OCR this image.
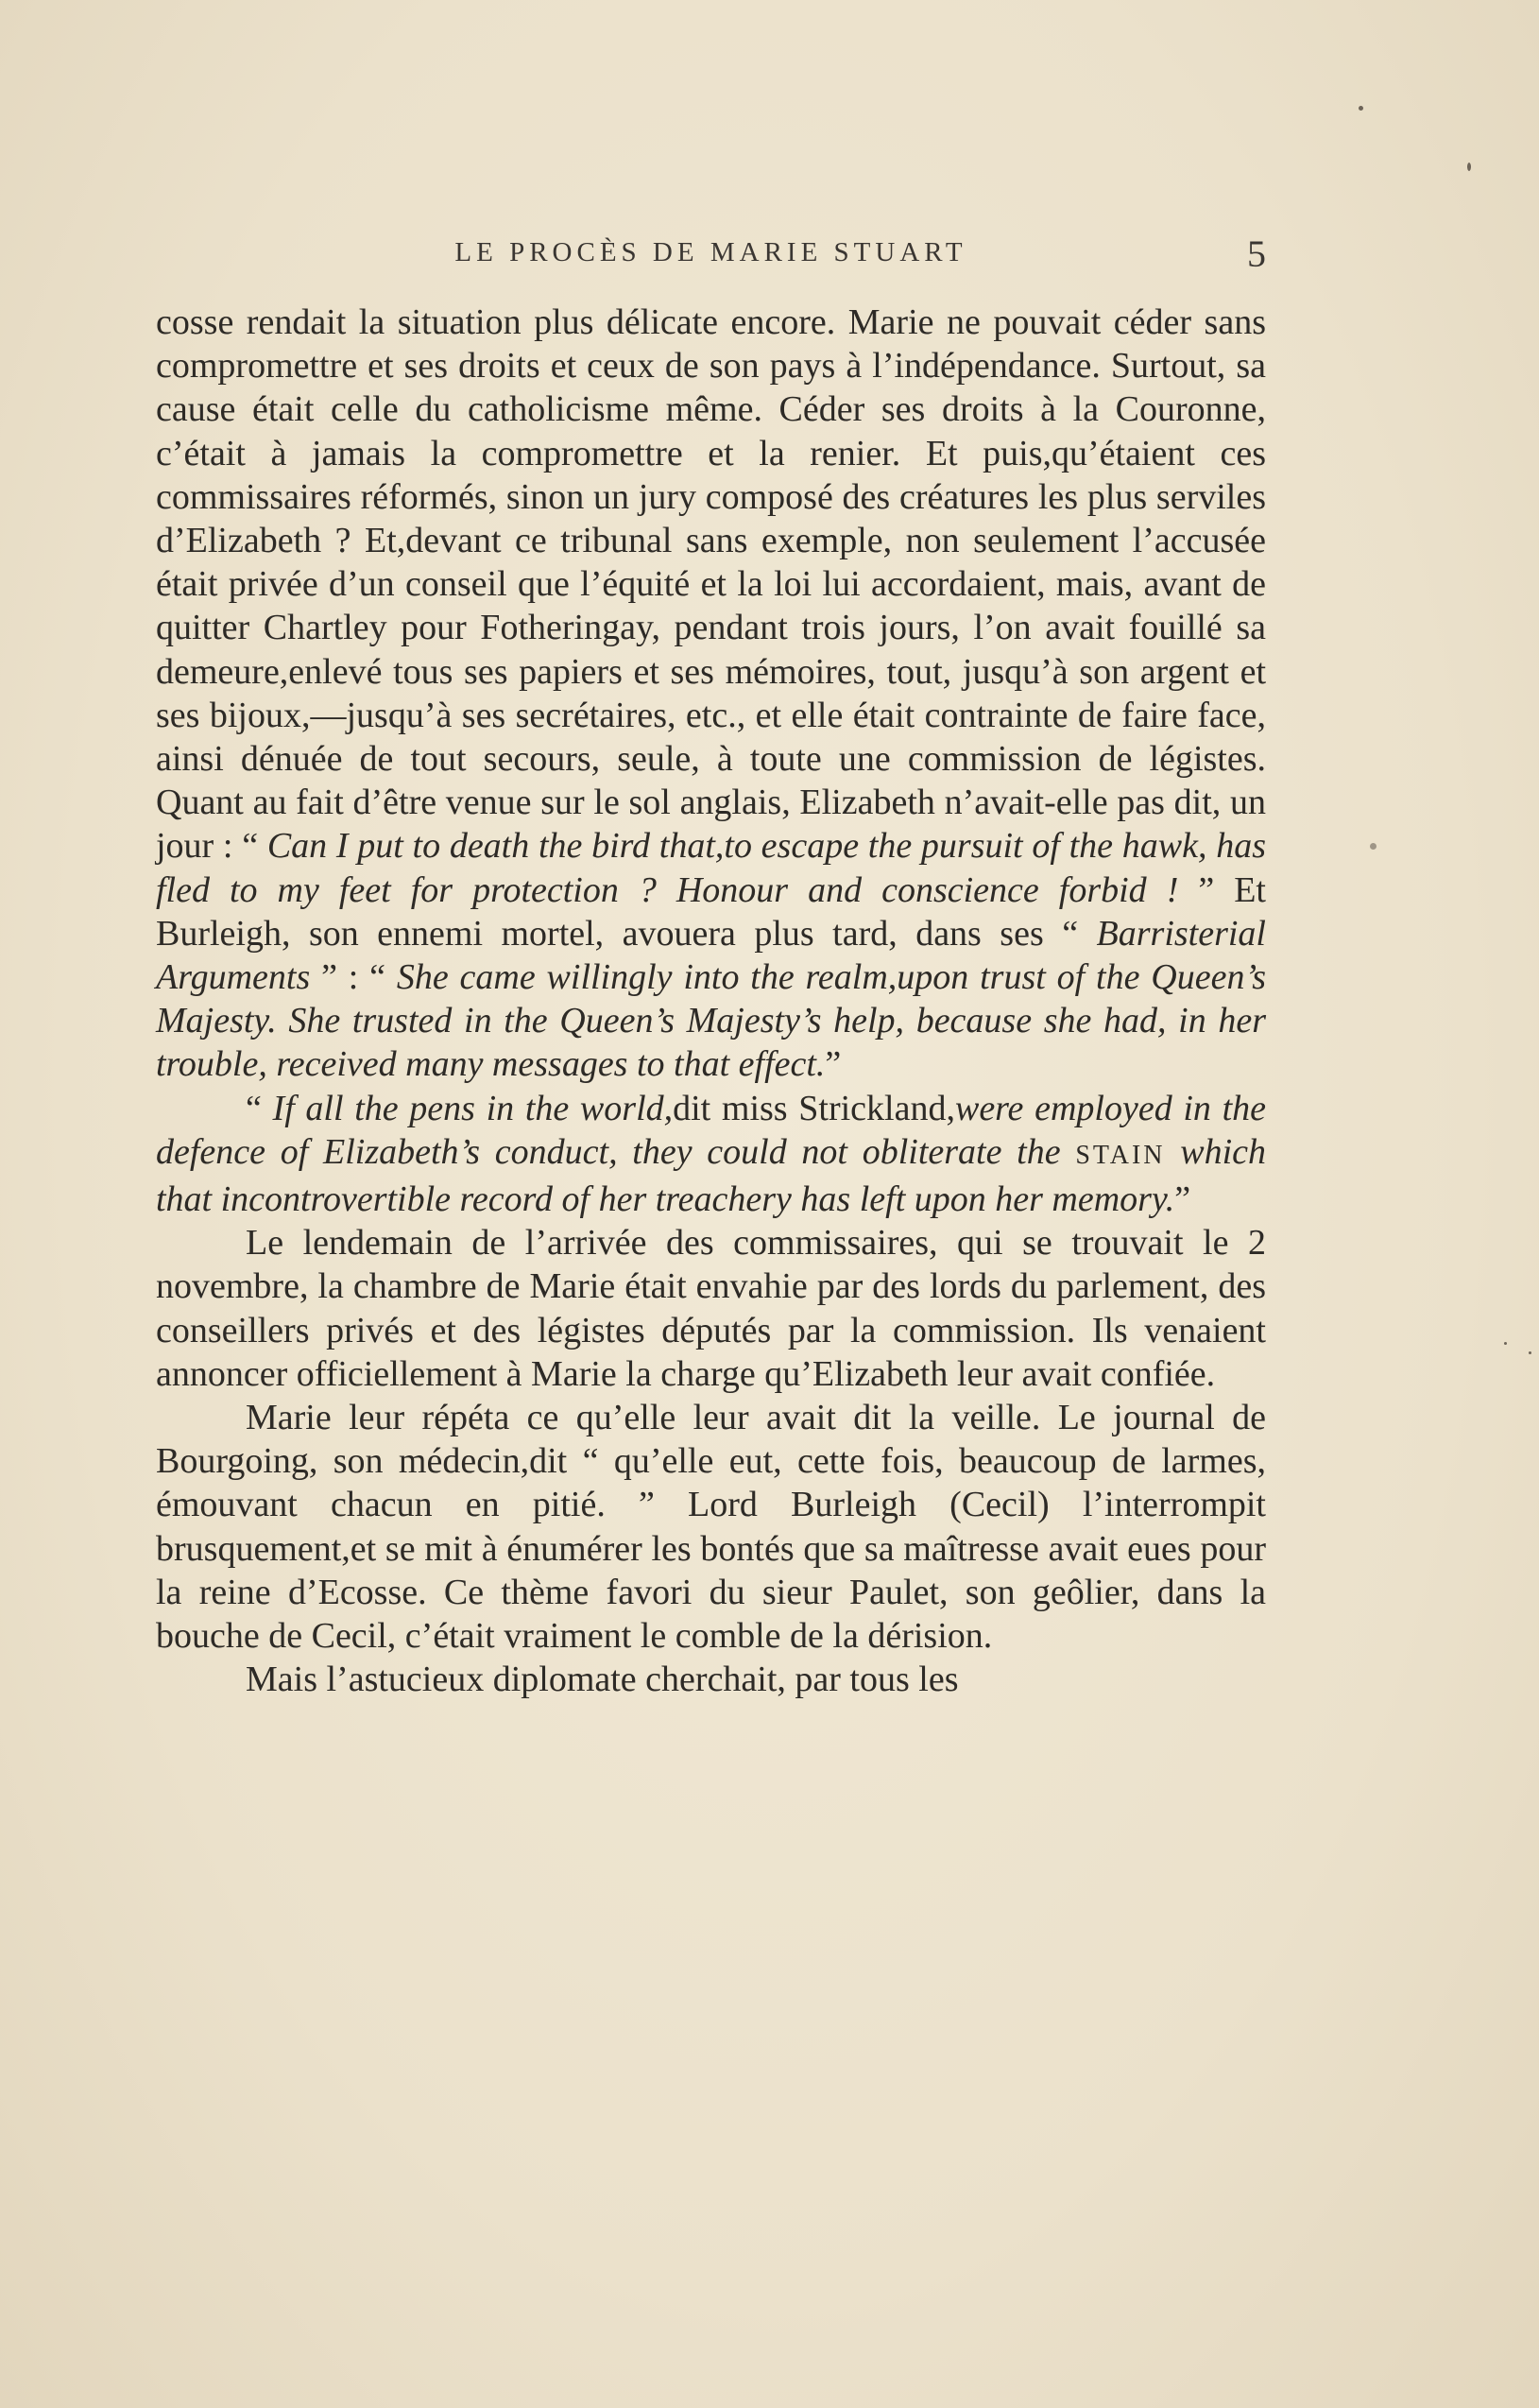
LE PROCÈS DE MARIE STUART	5

cosse rendait la situation plus délicate encore. Marie ne pouvait céder sans compromettre et ses droits et ceux de son pays à l’indépendance. Surtout, sa cause était celle du catholicisme même. Céder ses droits à la Couronne, c’était à jamais la compromettre et la renier. Et puis,qu’étaient ces commissaires réformés, sinon un jury composé des créatures les plus serviles d’Elizabeth ? Et,devant ce tribunal sans exemple, non seulement l’accusée était privée d’un conseil que l’équité et la loi lui accordaient, mais, avant de quitter Chartley pour Fotheringay, pendant trois jours, l’on avait fouillé sa demeure,enlevé tous ses papiers et ses mémoires, tout, jusqu’à son argent et ses bijoux,—jusqu’à ses secrétaires, etc., et elle était contrainte de faire face, ainsi dénuée de tout secours, seule, à toute une commission de légistes. Quant au fait d’être venue sur le sol anglais, Elizabeth n’avait-elle pas dit, un jour : “ Can I put to death the bird that,to escape the pursuit of the hawk, has fled to my feet for protection ? Honour and conscience forbid ! ” Et Burleigh, son ennemi mortel, avouera plus tard, dans ses “ Barristerial Arguments ” : “ She came willingly into the realm,upon trust of the Queen’s Majesty. She trusted in the Queen’s Majesty’s help, because she had, in her trouble, received many messages to that effect.”

“ If all the pens in the world,dit miss Strickland,were employed in the defence of Elizabeth’s conduct, they could not obliterate the STAIN which that incontrovertible record of her treachery has left upon her memory.”

Le lendemain de l’arrivée des commissaires, qui se trouvait le 2 novembre, la chambre de Marie était envahie par des lords du parlement, des conseillers privés et des légistes députés par la commission. Ils venaient annoncer officiellement à Marie la charge qu’Elizabeth leur avait confiée.

Marie leur répéta ce qu’elle leur avait dit la veille. Le journal de Bourgoing, son médecin,dit “ qu’elle eut, cette fois, beaucoup de larmes, émouvant chacun en pitié. ” Lord Burleigh (Cecil) l’interrompit brusquement,et se mit à énumérer les bontés que sa maîtresse avait eues pour la reine d’Ecosse. Ce thème favori du sieur Paulet, son geôlier, dans la bouche de Cecil, c’était vraiment le comble de la dérision.

Mais l’astucieux diplomate cherchait, par tous les
